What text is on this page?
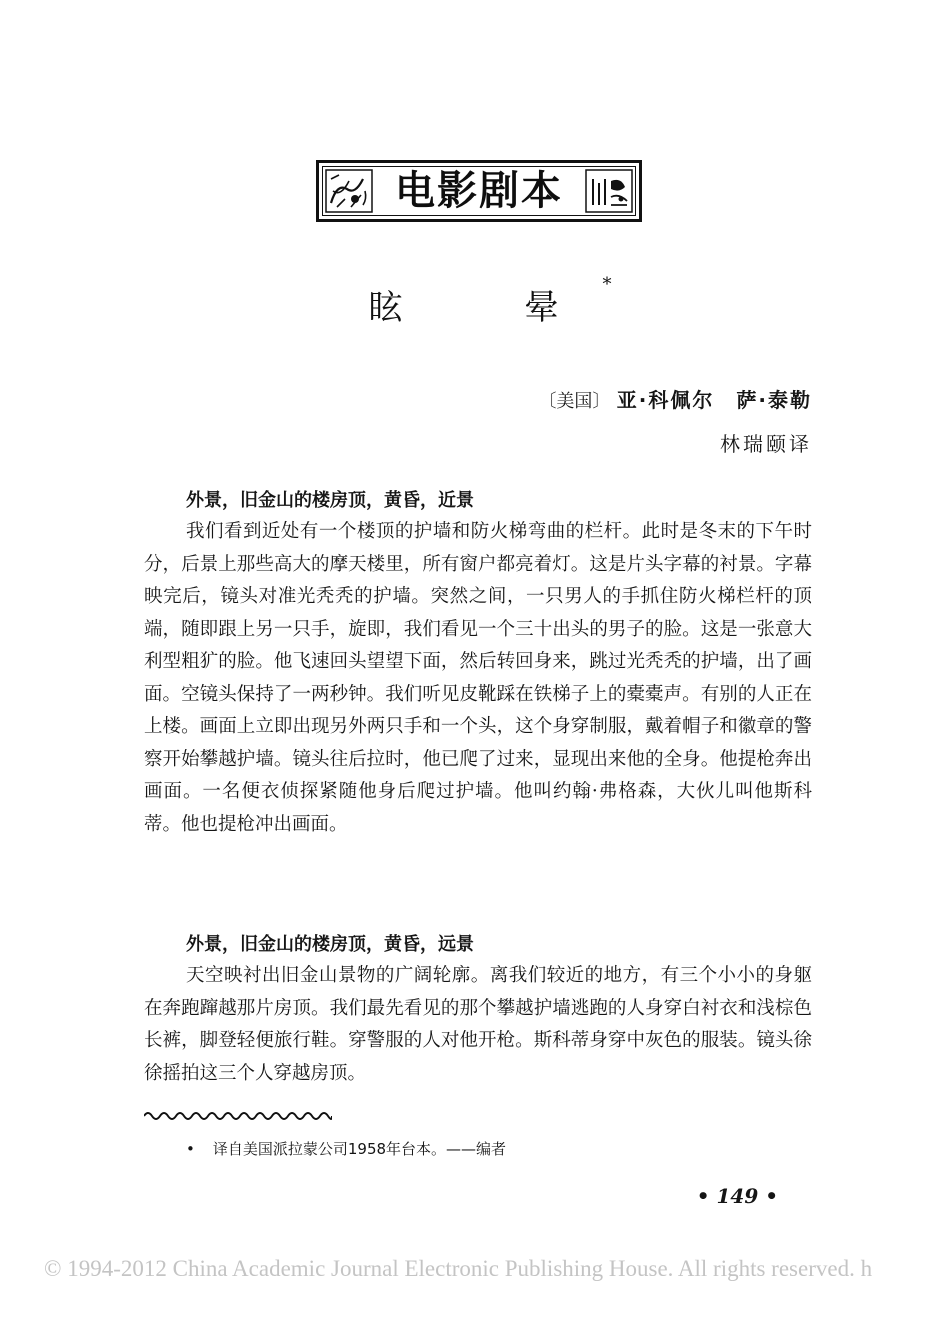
电影剧本
眩　晕*
〔美国〕 亚·科佩尔　萨·泰勒
林瑞颐译
外景，旧金山的楼房顶，黄昏，近景

我们看到近处有一个楼顶的护墙和防火梯弯曲的栏杆。此时是冬末的下午时分，后景上那些高大的摩天楼里，所有窗户都亮着灯。这是片头字幕的衬景。字幕映完后，镜头对准光秃秃的护墙。突然之间，一只男人的手抓住防火梯栏杆的顶端，随即跟上另一只手，旋即，我们看见一个三十出头的男子的脸。这是一张意大利型粗犷的脸。他飞速回头望望下面，然后转回身来，跳过光秃秃的护墙，出了画面。空镜头保持了一两秒钟。我们听见皮靴踩在铁梯子上的橐橐声。有别的人正在上楼。画面上立即出现另外两只手和一个头，这个身穿制服，戴着帽子和徽章的警察开始攀越护墙。镜头往后拉时，他已爬了过来，显现出来他的全身。他提枪奔出画面。一名便衣侦探紧随他身后爬过护墙。他叫约翰·弗格森，大伙儿叫他斯科蒂。他也提枪冲出画面。

外景，旧金山的楼房顶，黄昏，远景

天空映衬出旧金山景物的广阔轮廓。离我们较近的地方，有三个小小的身躯在奔跑蹿越那片房顶。我们最先看见的那个攀越护墙逃跑的人身穿白衬衣和浅棕色长裤，脚登轻便旅行鞋。穿警服的人对他开枪。斯科蒂身穿中灰色的服装。镜头徐徐摇拍这三个人穿越房顶。

• 译自美国派拉蒙公司1958年台本。——编者
• 149 •
© 1994-2012 China Academic Journal Electronic Publishing House. All rights reserved. h
